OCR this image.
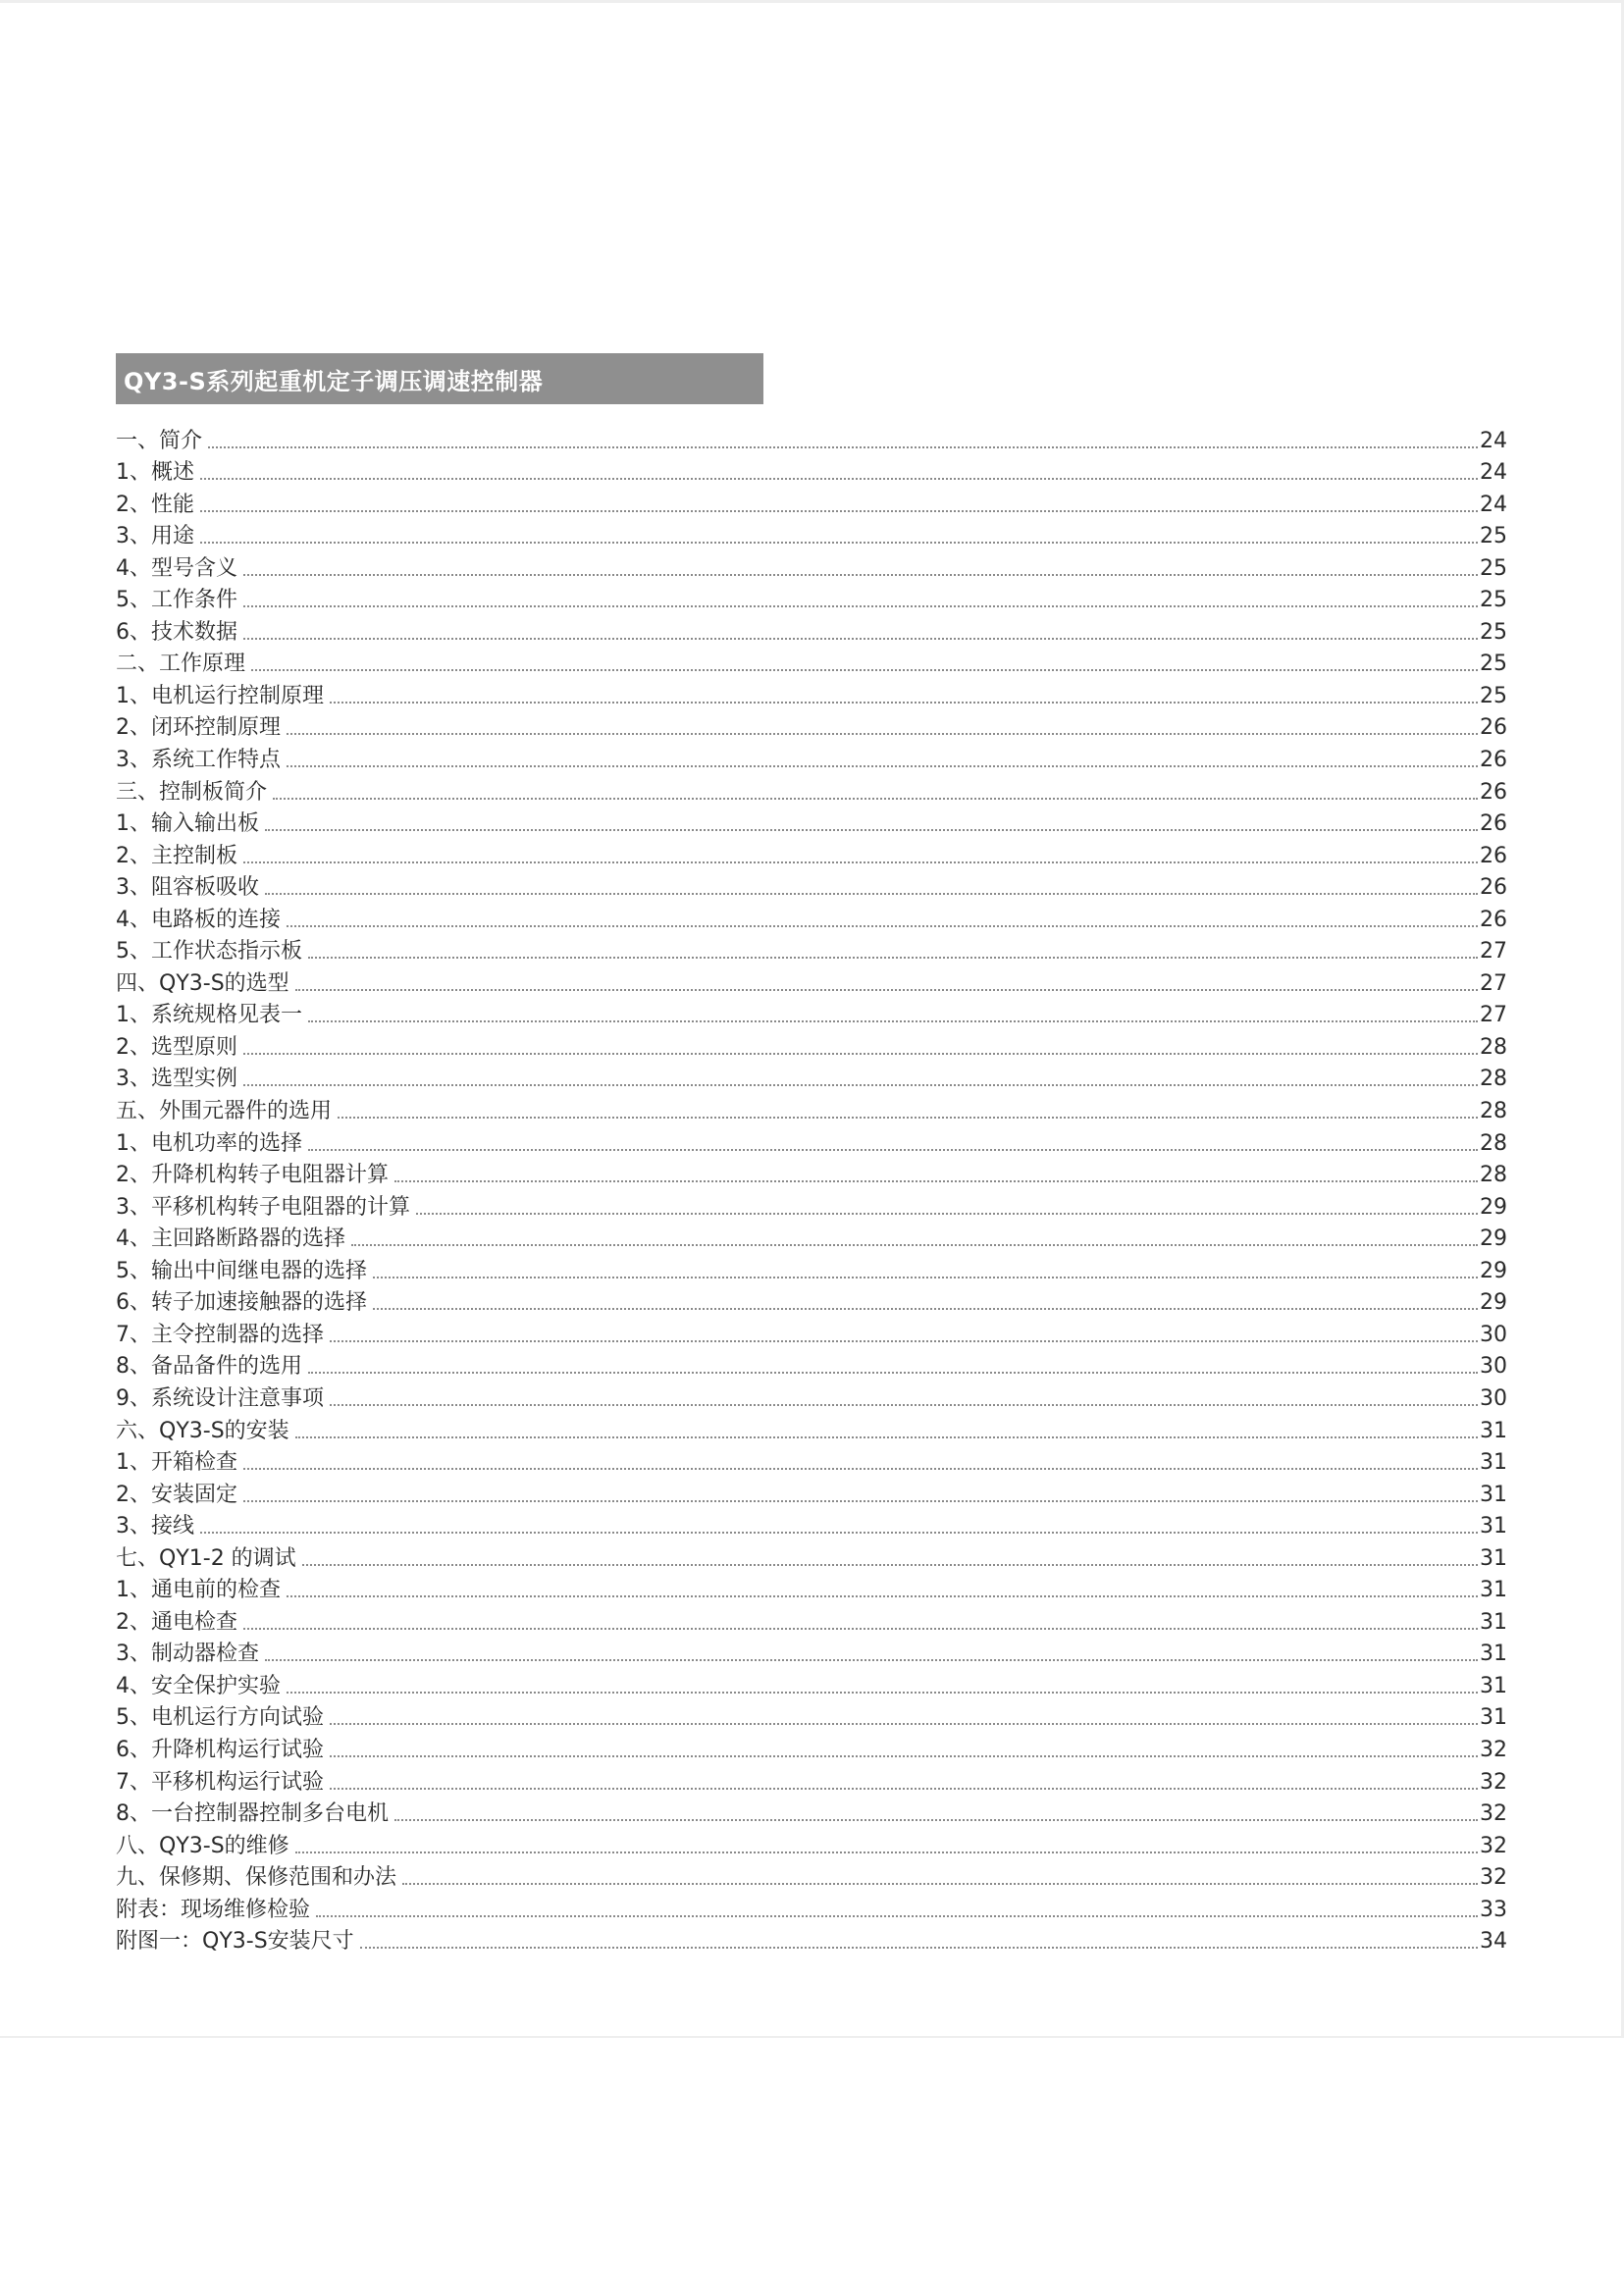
QY3-S系列起重机定子调压调速控制器
一、简介	24
1、概述	24
2、性能	24
3、用途	25
4、型号含义	25
5、工作条件	25
6、技术数据	25
二、工作原理	25
1、电机运行控制原理	25
2、闭环控制原理	26
3、系统工作特点	26
三、控制板简介	26
1、输入输出板	26
2、主控制板	26
3、阻容板吸收	26
4、电路板的连接	26
5、工作状态指示板	27
四、QY3-S的选型	27
1、系统规格见表一	27
2、选型原则	28
3、选型实例	28
五、外围元器件的选用	28
1、电机功率的选择	28
2、升降机构转子电阻器计算	28
3、平移机构转子电阻器的计算	29
4、主回路断路器的选择	29
5、输出中间继电器的选择	29
6、转子加速接触器的选择	29
7、主令控制器的选择	30
8、备品备件的选用	30
9、系统设计注意事项	30
六、QY3-S的安装	31
1、开箱检查	31
2、安装固定	31
3、接线	31
七、QY1-2 的调试	31
1、通电前的检查	31
2、通电检查	31
3、制动器检查	31
4、安全保护实验	31
5、电机运行方向试验	31
6、升降机构运行试验	32
7、平移机构运行试验	32
8、一台控制器控制多台电机	32
八、QY3-S的维修	32
九、保修期、保修范围和办法	32
附表：现场维修检验	33
附图一：QY3-S安装尺寸	34
